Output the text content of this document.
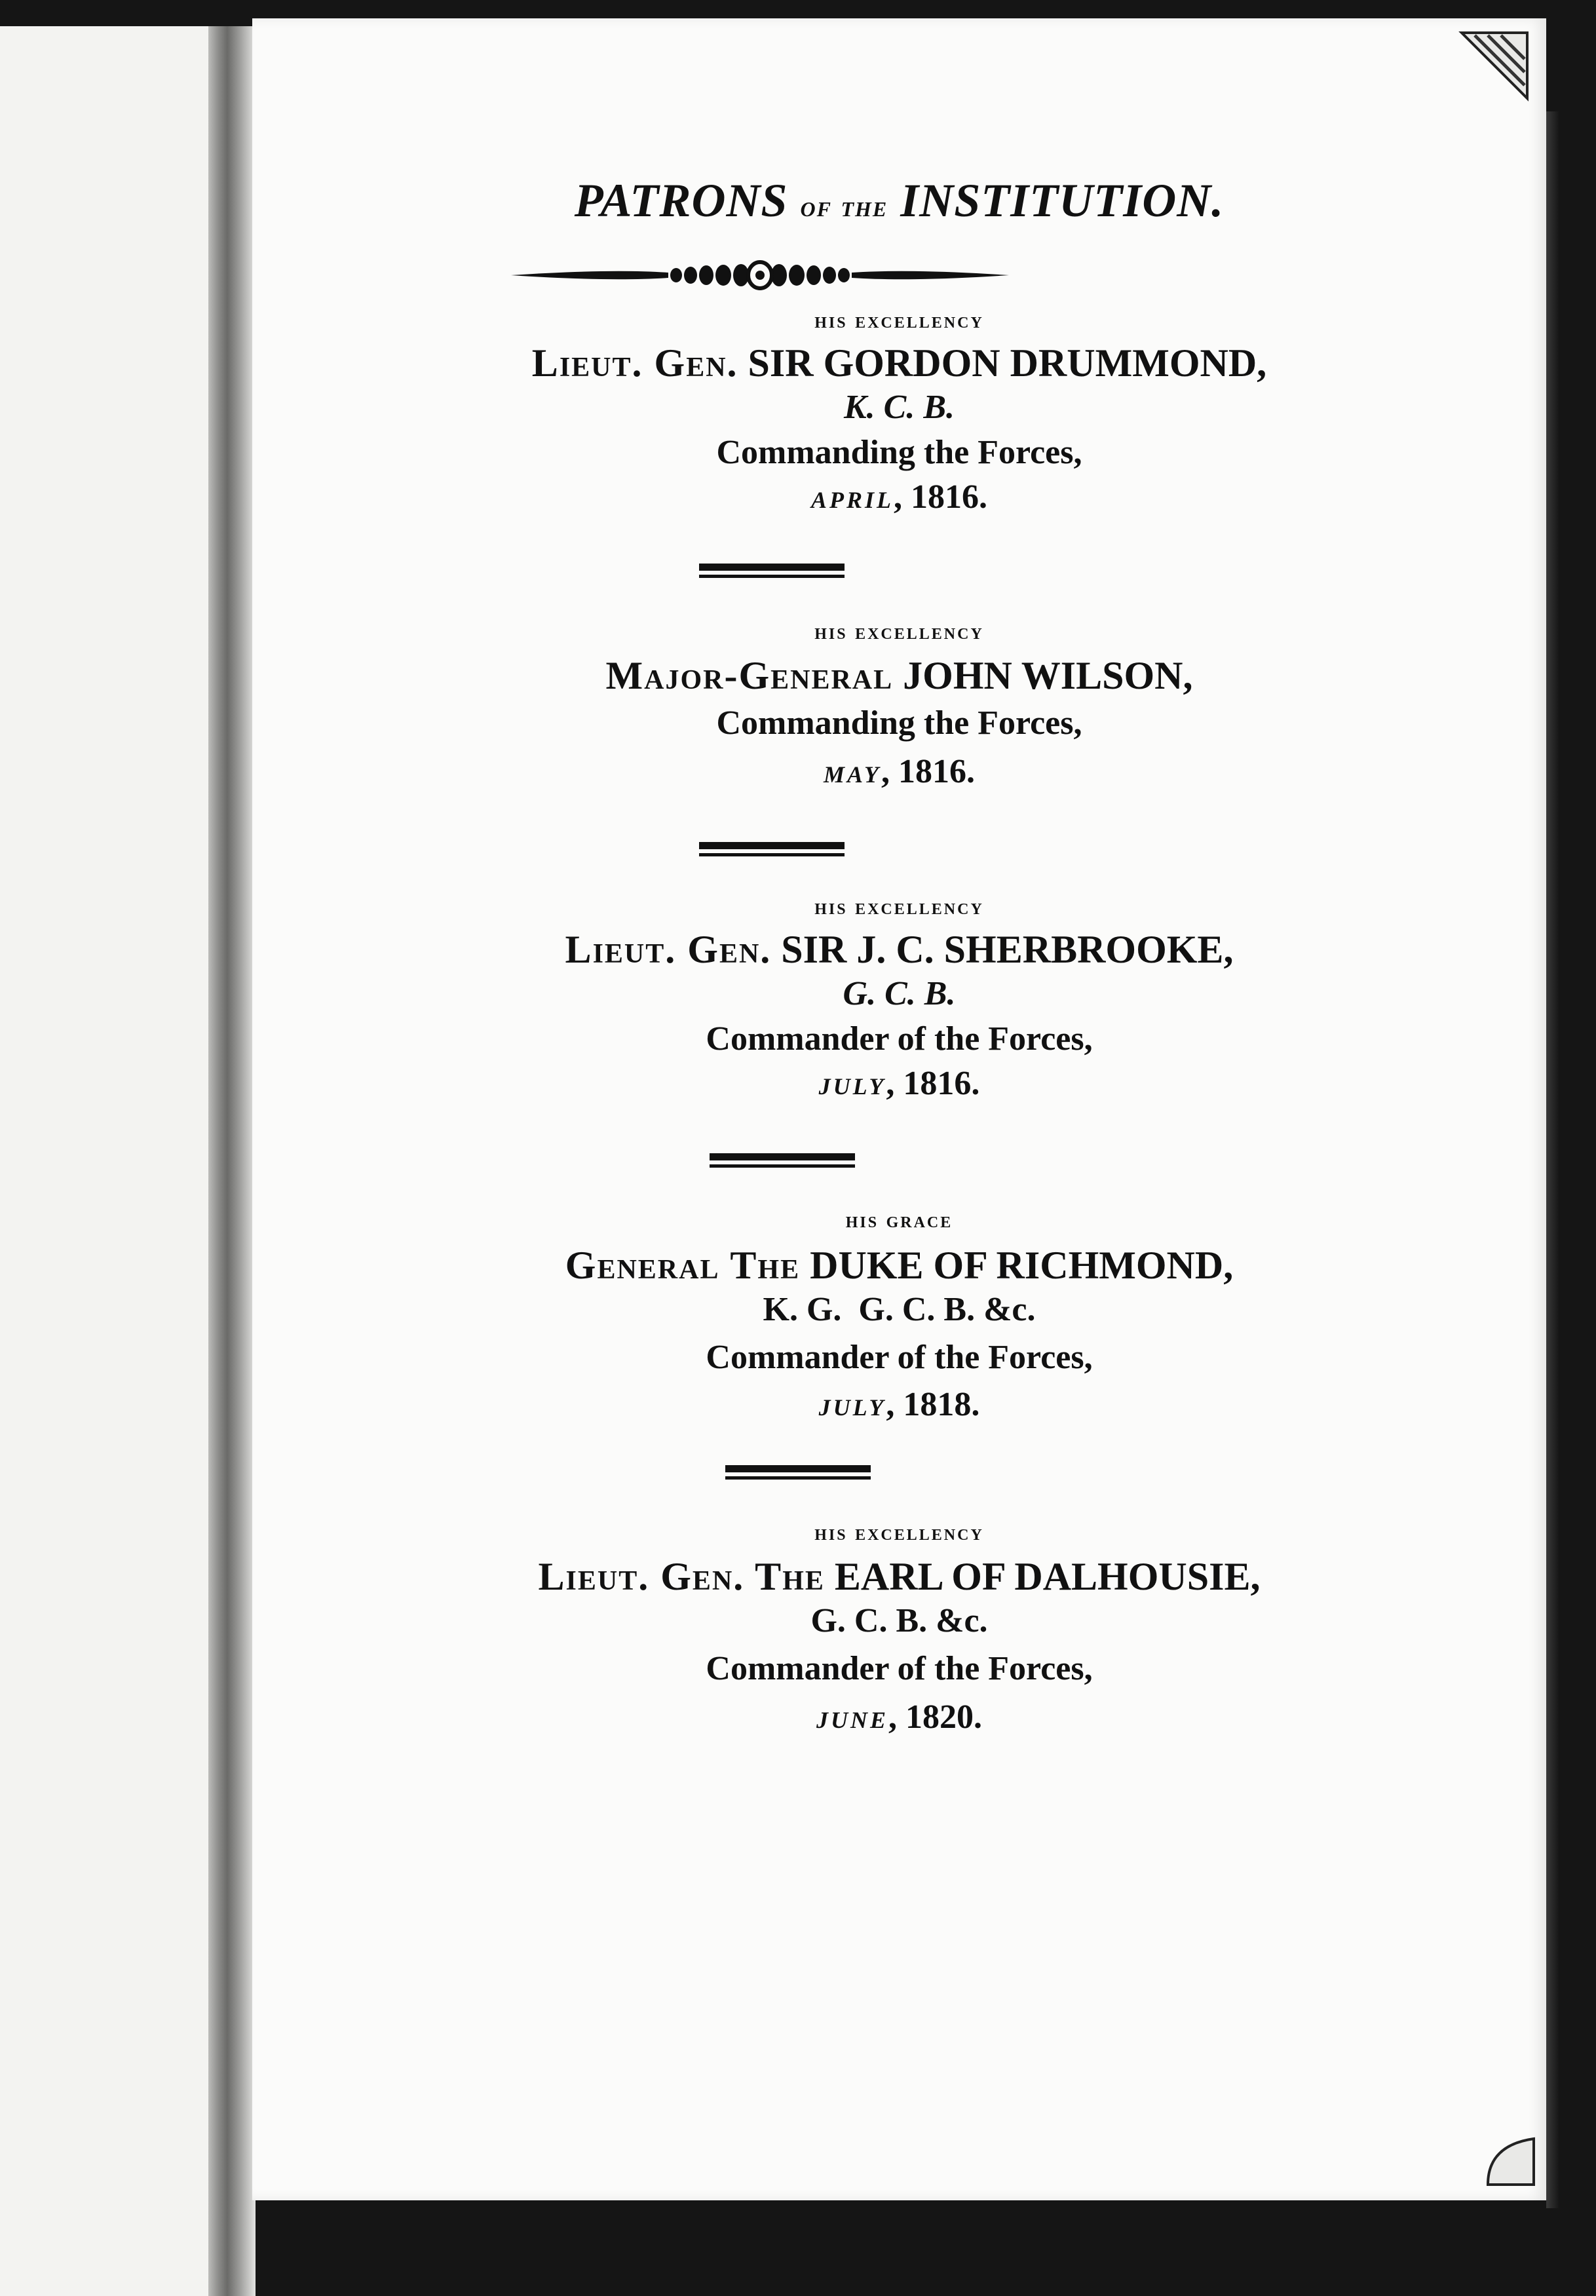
PATRONS of the INSTITUTION.
his excellency
Lieut. Gen. SIR GORDON DRUMMOND,
K. C. B.
Commanding the Forces,
APRIL, 1816.
his excellency
Major-General JOHN WILSON,
Commanding the Forces,
MAY, 1816.
his excellency
Lieut. Gen. SIR J. C. SHERBROOKE,
G. C. B.
Commander of the Forces,
JULY, 1816.
his grace
General The DUKE OF RICHMOND,
K. G.  G. C. B. &c.
Commander of the Forces,
JULY, 1818.
his excellency
Lieut. Gen. The EARL OF DALHOUSIE,
G. C. B. &c.
Commander of the Forces,
JUNE, 1820.
